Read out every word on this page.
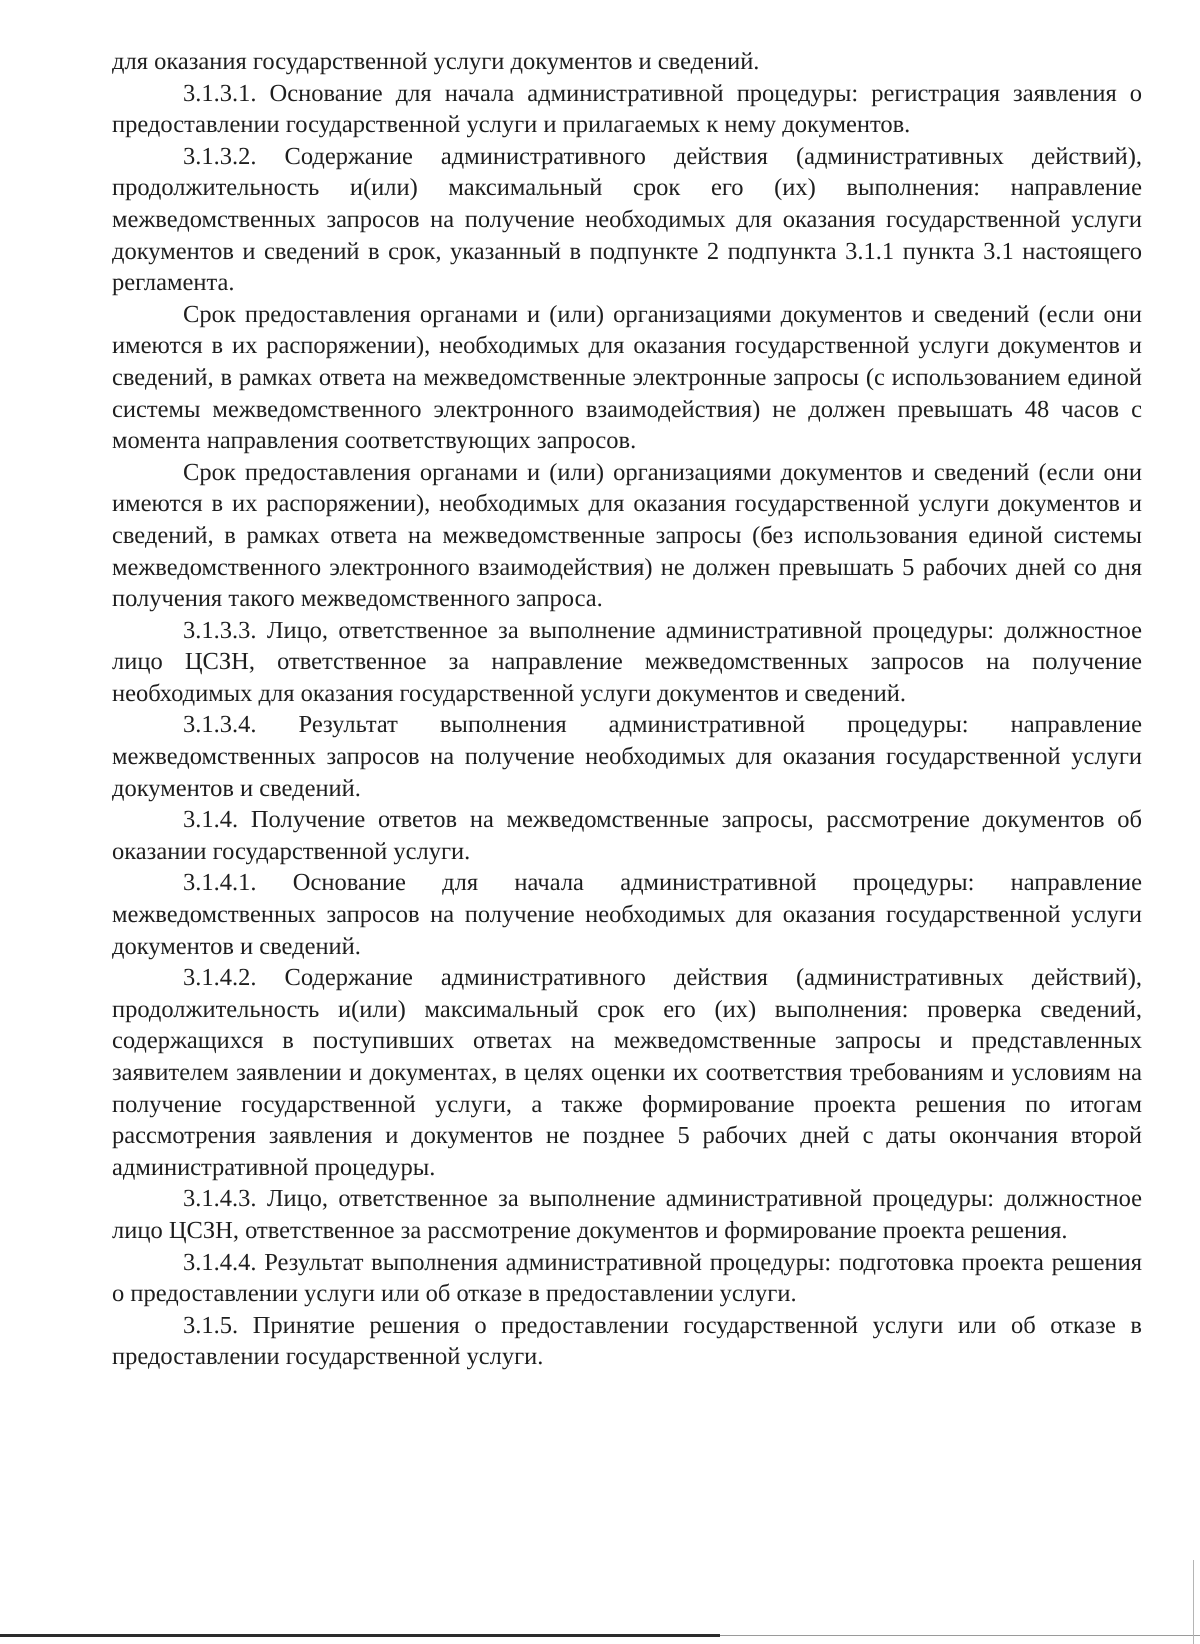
для оказания государственной услуги документов и сведений.

3.1.3.1. Основание для начала административной процедуры: регистрация заявления о предоставлении государственной услуги и прилагаемых к нему документов.

3.1.3.2. Содержание административного действия (административных действий), продолжительность и(или) максимальный срок его (их) выполнения: направление межведомственных запросов на получение необходимых для оказания государственной услуги документов и сведений в срок, указанный в подпункте 2 подпункта 3.1.1 пункта 3.1 настоящего регламента.

Срок предоставления органами и (или) организациями документов и сведений (если они имеются в их распоряжении), необходимых для оказания государственной услуги документов и сведений, в рамках ответа на межведомственные электронные запросы (с использованием единой системы межведомственного электронного взаимодействия) не должен превышать 48 часов с момента направления соответствующих запросов.

Срок предоставления органами и (или) организациями документов и сведений (если они имеются в их распоряжении), необходимых для оказания государственной услуги документов и сведений, в рамках ответа на межведомственные запросы (без использования единой системы межведомственного электронного взаимодействия) не должен превышать 5 рабочих дней со дня получения такого межведомственного запроса.

3.1.3.3. Лицо, ответственное за выполнение административной процедуры: должностное лицо ЦСЗН, ответственное за направление межведомственных запросов на получение необходимых для оказания государственной услуги документов и сведений.

3.1.3.4. Результат выполнения административной процедуры: направление межведомственных запросов на получение необходимых для оказания государственной услуги документов и сведений.

3.1.4. Получение ответов на межведомственные запросы, рассмотрение документов об оказании государственной услуги.

3.1.4.1. Основание для начала административной процедуры: направление межведомственных запросов на получение необходимых для оказания государственной услуги документов и сведений.

3.1.4.2. Содержание административного действия (административных действий), продолжительность и(или) максимальный срок его (их) выполнения: проверка сведений, содержащихся в поступивших ответах на межведомственные запросы и представленных заявителем заявлении и документах, в целях оценки их соответствия требованиям и условиям на получение государственной услуги, а также формирование проекта решения по итогам рассмотрения заявления и документов не позднее 5 рабочих дней с даты окончания второй административной процедуры.

3.1.4.3. Лицо, ответственное за выполнение административной процедуры: должностное лицо ЦСЗН, ответственное за рассмотрение документов и формирование проекта решения.

3.1.4.4. Результат выполнения административной процедуры: подготовка проекта решения о предоставлении услуги или об отказе в предоставлении услуги.

3.1.5. Принятие решения о предоставлении государственной услуги или об отказе в предоставлении государственной услуги.
